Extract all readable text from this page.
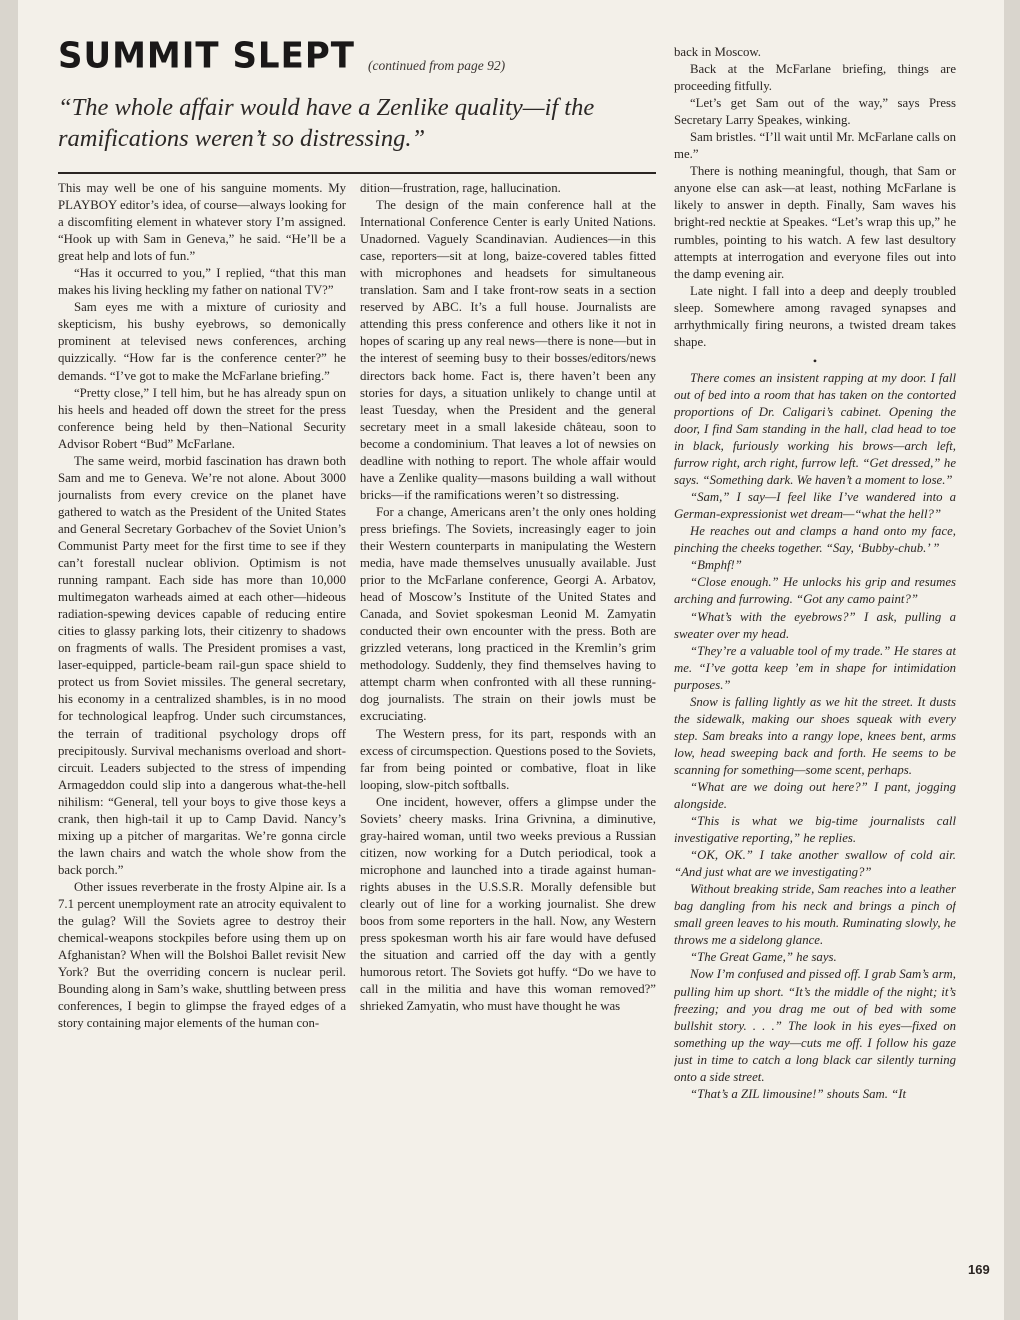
SUMMIT SLEPT (continued from page 92)

“The whole affair would have a Zenlike quality—if the ramifications weren’t so distressing.”

This may well be one of his sanguine moments. My PLAYBOY editor’s idea, of course—always looking for a discomfiting element in whatever story I’m assigned. “Hook up with Sam in Geneva,” he said. “He’ll be a great help and lots of fun.”

“Has it occurred to you,” I replied, “that this man makes his living heckling my father on national TV?”

Sam eyes me with a mixture of curiosity and skepticism, his bushy eyebrows, so demonically prominent at televised news conferences, arching quizzically. “How far is the conference center?” he demands. “I’ve got to make the McFarlane briefing.”

“Pretty close,” I tell him, but he has already spun on his heels and headed off down the street for the press conference being held by then–National Security Advisor Robert “Bud” McFarlane.

The same weird, morbid fascination has drawn both Sam and me to Geneva. We’re not alone. About 3000 journalists from every crevice on the planet have gathered to watch as the President of the United States and General Secretary Gorbachev of the Soviet Union’s Communist Party meet for the first time to see if they can’t forestall nuclear oblivion. Optimism is not running rampant. Each side has more than 10,000 multimegaton warheads aimed at each other—hideous radiation-spewing devices capable of reducing entire cities to glassy parking lots, their citizenry to shadows on fragments of walls. The President promises a vast, laser-equipped, particle-beam rail-gun space shield to protect us from Soviet missiles. The general secretary, his economy in a centralized shambles, is in no mood for technological leapfrog. Under such circumstances, the terrain of traditional psychology drops off precipitously. Survival mechanisms overload and short-circuit. Leaders subjected to the stress of impending Armageddon could slip into a dangerous what-the-hell nihilism: “General, tell your boys to give those keys a crank, then high-tail it up to Camp David. Nancy’s mixing up a pitcher of margaritas. We’re gonna circle the lawn chairs and watch the whole show from the back porch.”

Other issues reverberate in the frosty Alpine air. Is a 7.1 percent unemployment rate an atrocity equivalent to the gulag? Will the Soviets agree to destroy their chemical-weapons stockpiles before using them up on Afghanistan? When will the Bolshoi Ballet revisit New York? But the overriding concern is nuclear peril. Bounding along in Sam’s wake, shuttling between press conferences, I begin to glimpse the frayed edges of a story containing major elements of the human con-

dition—frustration, rage, hallucination.

The design of the main conference hall at the International Conference Center is early United Nations. Unadorned. Vaguely Scandinavian. Audiences—in this case, reporters—sit at long, baize-covered tables fitted with microphones and headsets for simultaneous translation. Sam and I take front-row seats in a section reserved by ABC. It’s a full house. Journalists are attending this press conference and others like it not in hopes of scaring up any real news—there is none—but in the interest of seeming busy to their bosses/editors/news directors back home. Fact is, there haven’t been any stories for days, a situation unlikely to change until at least Tuesday, when the President and the general secretary meet in a small lakeside château, soon to become a condominium. That leaves a lot of newsies on deadline with nothing to report. The whole affair would have a Zenlike quality—masons building a wall without bricks—if the ramifications weren’t so distressing.

For a change, Americans aren’t the only ones holding press briefings. The Soviets, increasingly eager to join their Western counterparts in manipulating the Western media, have made themselves unusually available. Just prior to the McFarlane conference, Georgi A. Arbatov, head of Moscow’s Institute of the United States and Canada, and Soviet spokesman Leonid M. Zamyatin conducted their own encounter with the press. Both are grizzled veterans, long practiced in the Kremlin’s grim methodology. Suddenly, they find themselves having to attempt charm when confronted with all these running-dog journalists. The strain on their jowls must be excruciating.

The Western press, for its part, responds with an excess of circumspection. Questions posed to the Soviets, far from being pointed or combative, float in like looping, slow-pitch softballs.

One incident, however, offers a glimpse under the Soviets’ cheery masks. Irina Grivnina, a diminutive, gray-haired woman, until two weeks previous a Russian citizen, now working for a Dutch periodical, took a microphone and launched into a tirade against human-rights abuses in the U.S.S.R. Morally defensible but clearly out of line for a working journalist. She drew boos from some reporters in the hall. Now, any Western press spokesman worth his air fare would have defused the situation and carried off the day with a gently humorous retort. The Soviets got huffy. “Do we have to call in the militia and have this woman removed?” shrieked Zamyatin, who must have thought he was

back in Moscow.

Back at the McFarlane briefing, things are proceeding fitfully.

“Let’s get Sam out of the way,” says Press Secretary Larry Speakes, winking.

Sam bristles. “I’ll wait until Mr. McFarlane calls on me.”

There is nothing meaningful, though, that Sam or anyone else can ask—at least, nothing McFarlane is likely to answer in depth. Finally, Sam waves his bright-red necktie at Speakes. “Let’s wrap this up,” he rumbles, pointing to his watch. A few last desultory attempts at interrogation and everyone files out into the damp evening air.

Late night. I fall into a deep and deeply troubled sleep. Somewhere among ravaged synapses and arrhythmically firing neurons, a twisted dream takes shape.

•

There comes an insistent rapping at my door. I fall out of bed into a room that has taken on the contorted proportions of Dr. Caligari’s cabinet. Opening the door, I find Sam standing in the hall, clad head to toe in black, furiously working his brows—arch left, furrow right, arch right, furrow left. “Get dressed,” he says. “Something dark. We haven’t a moment to lose.”

“Sam,” I say—I feel like I’ve wandered into a German-expressionist wet dream—“what the hell?”

He reaches out and clamps a hand onto my face, pinching the cheeks together. “Say, ‘Bubby-chub.’ ”

“Bmphf!”

“Close enough.” He unlocks his grip and resumes arching and furrowing. “Got any camo paint?”

“What’s with the eyebrows?” I ask, pulling a sweater over my head.

“They’re a valuable tool of my trade.” He stares at me. “I’ve gotta keep ’em in shape for intimidation purposes.”

Snow is falling lightly as we hit the street. It dusts the sidewalk, making our shoes squeak with every step. Sam breaks into a rangy lope, knees bent, arms low, head sweeping back and forth. He seems to be scanning for something—some scent, perhaps.

“What are we doing out here?” I pant, jogging alongside.

“This is what we big-time journalists call investigative reporting,” he replies.

“OK, OK.” I take another swallow of cold air. “And just what are we investigating?”

Without breaking stride, Sam reaches into a leather bag dangling from his neck and brings a pinch of small green leaves to his mouth. Ruminating slowly, he throws me a sidelong glance.

“The Great Game,” he says.

Now I’m confused and pissed off. I grab Sam’s arm, pulling him up short. “It’s the middle of the night; it’s freezing; and you drag me out of bed with some bullshit story. . . .” The look in his eyes—fixed on something up the way—cuts me off. I follow his gaze just in time to catch a long black car silently turning onto a side street.

“That’s a ZIL limousine!” shouts Sam. “It

169
